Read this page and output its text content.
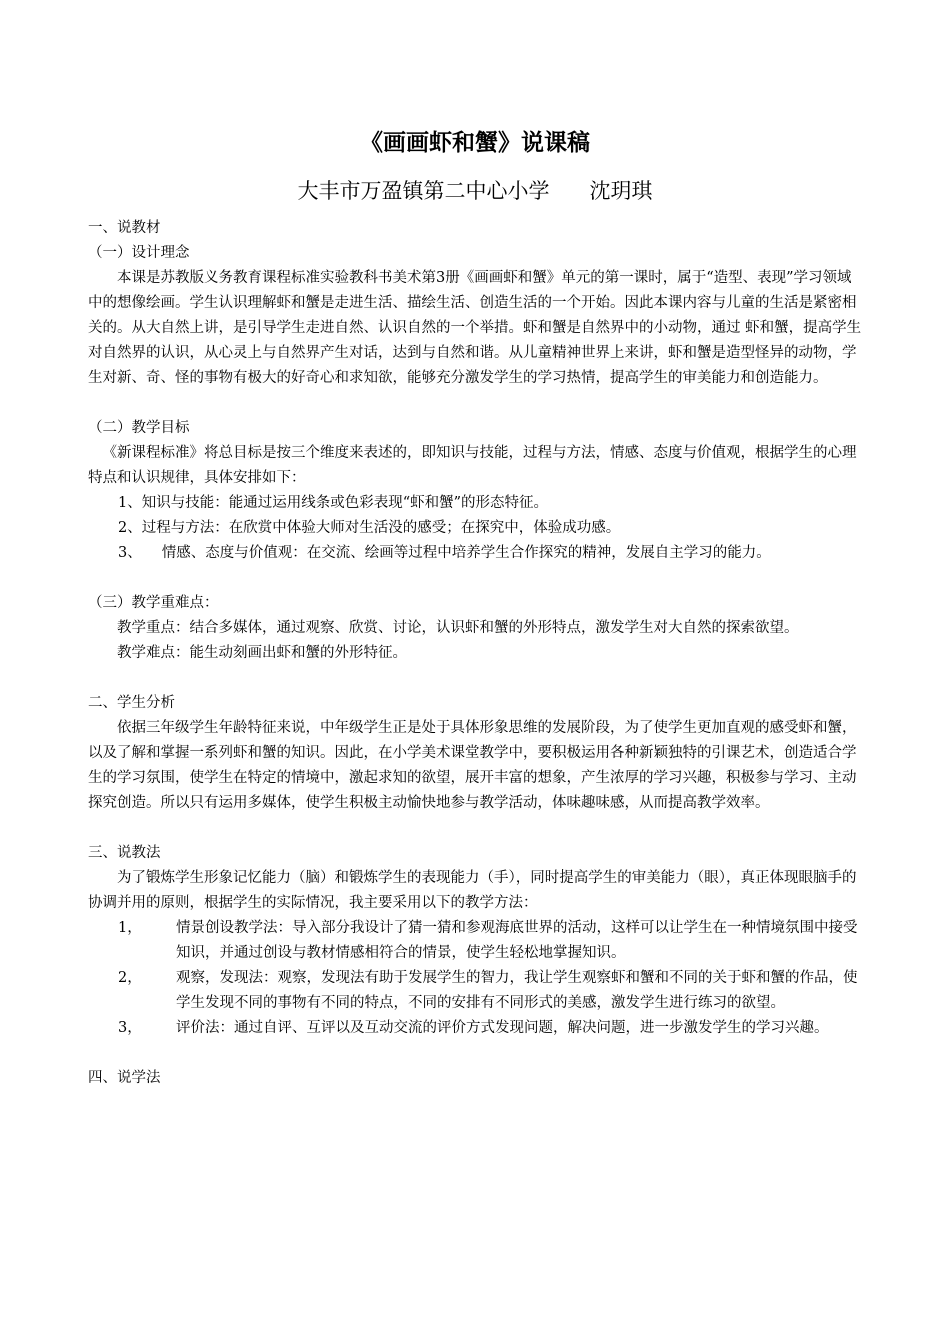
《画画虾和蟹》说课稿
大丰市万盈镇第二中心小学 沈玥琪

一、说教材

（一）设计理念

本课是苏教版义务教育课程标准实验教科书美术第3册《画画虾和蟹》单元的第一课时，属于“造型、表现”学习领域中的想像绘画。学生认识理解虾和蟹是走进生活、描绘生活、创造生活的一个开始。因此本课内容与儿童的生活是紧密相关的。从大自然上讲，是引导学生走进自然、认识自然的一个举措。虾和蟹是自然界中的小动物，通过 虾和蟹，提高学生对自然界的认识，从心灵上与自然界产生对话，达到与自然和谐。从儿童精神世界上来讲，虾和蟹是造型怪异的动物，学生对新、奇、怪的事物有极大的好奇心和求知欲，能够充分激发学生的学习热情，提高学生的审美能力和创造能力。

（二）教学目标

《新课程标准》将总目标是按三个维度来表述的，即知识与技能，过程与方法，情感、态度与价值观，根据学生的心理特点和认识规律，具体安排如下：

1、知识与技能：能通过运用线条或色彩表现“虾和蟹”的形态特征。

2、过程与方法：在欣赏中体验大师对生活没的感受；在探究中，体验成功感。

3、 情感、态度与价值观：在交流、绘画等过程中培养学生合作探究的精神，发展自主学习的能力。

（三）教学重难点：

教学重点：结合多媒体，通过观察、欣赏、讨论，认识虾和蟹的外形特点，激发学生对大自然的探索欲望。

教学难点：能生动刻画出虾和蟹的外形特征。

二、学生分析

依据三年级学生年龄特征来说，中年级学生正是处于具体形象思维的发展阶段，为了使学生更加直观的感受虾和蟹，以及了解和掌握一系列虾和蟹的知识。因此，在小学美术课堂教学中，要积极运用各种新颖独特的引课艺术，创造适合学生的学习氛围，使学生在特定的情境中，激起求知的欲望，展开丰富的想象，产生浓厚的学习兴趣，积极参与学习、主动探究创造。所以只有运用多媒体，使学生积极主动愉快地参与教学活动，体味趣味感，从而提高教学效率。

三、说教法

为了锻炼学生形象记忆能力（脑）和锻炼学生的表现能力（手），同时提高学生的审美能力（眼），真正体现眼脑手的协调并用的原则，根据学生的实际情况，我主要采用以下的教学方法：

1，	情景创设教学法：导入部分我设计了猜一猜和参观海底世界的活动，这样可以让学生在一种情境氛围中接受知识，并通过创设与教材情感相符合的情景，使学生轻松地掌握知识。
2，	观察，发现法：观察，发现法有助于发展学生的智力，我让学生观察虾和蟹和不同的关于虾和蟹的作品，使学生发现不同的事物有不同的特点，不同的安排有不同形式的美感，激发学生进行练习的欲望。
3，	评价法：通过自评、互评以及互动交流的评价方式发现问题，解决问题，进一步激发学生的学习兴趣。

四、说学法
